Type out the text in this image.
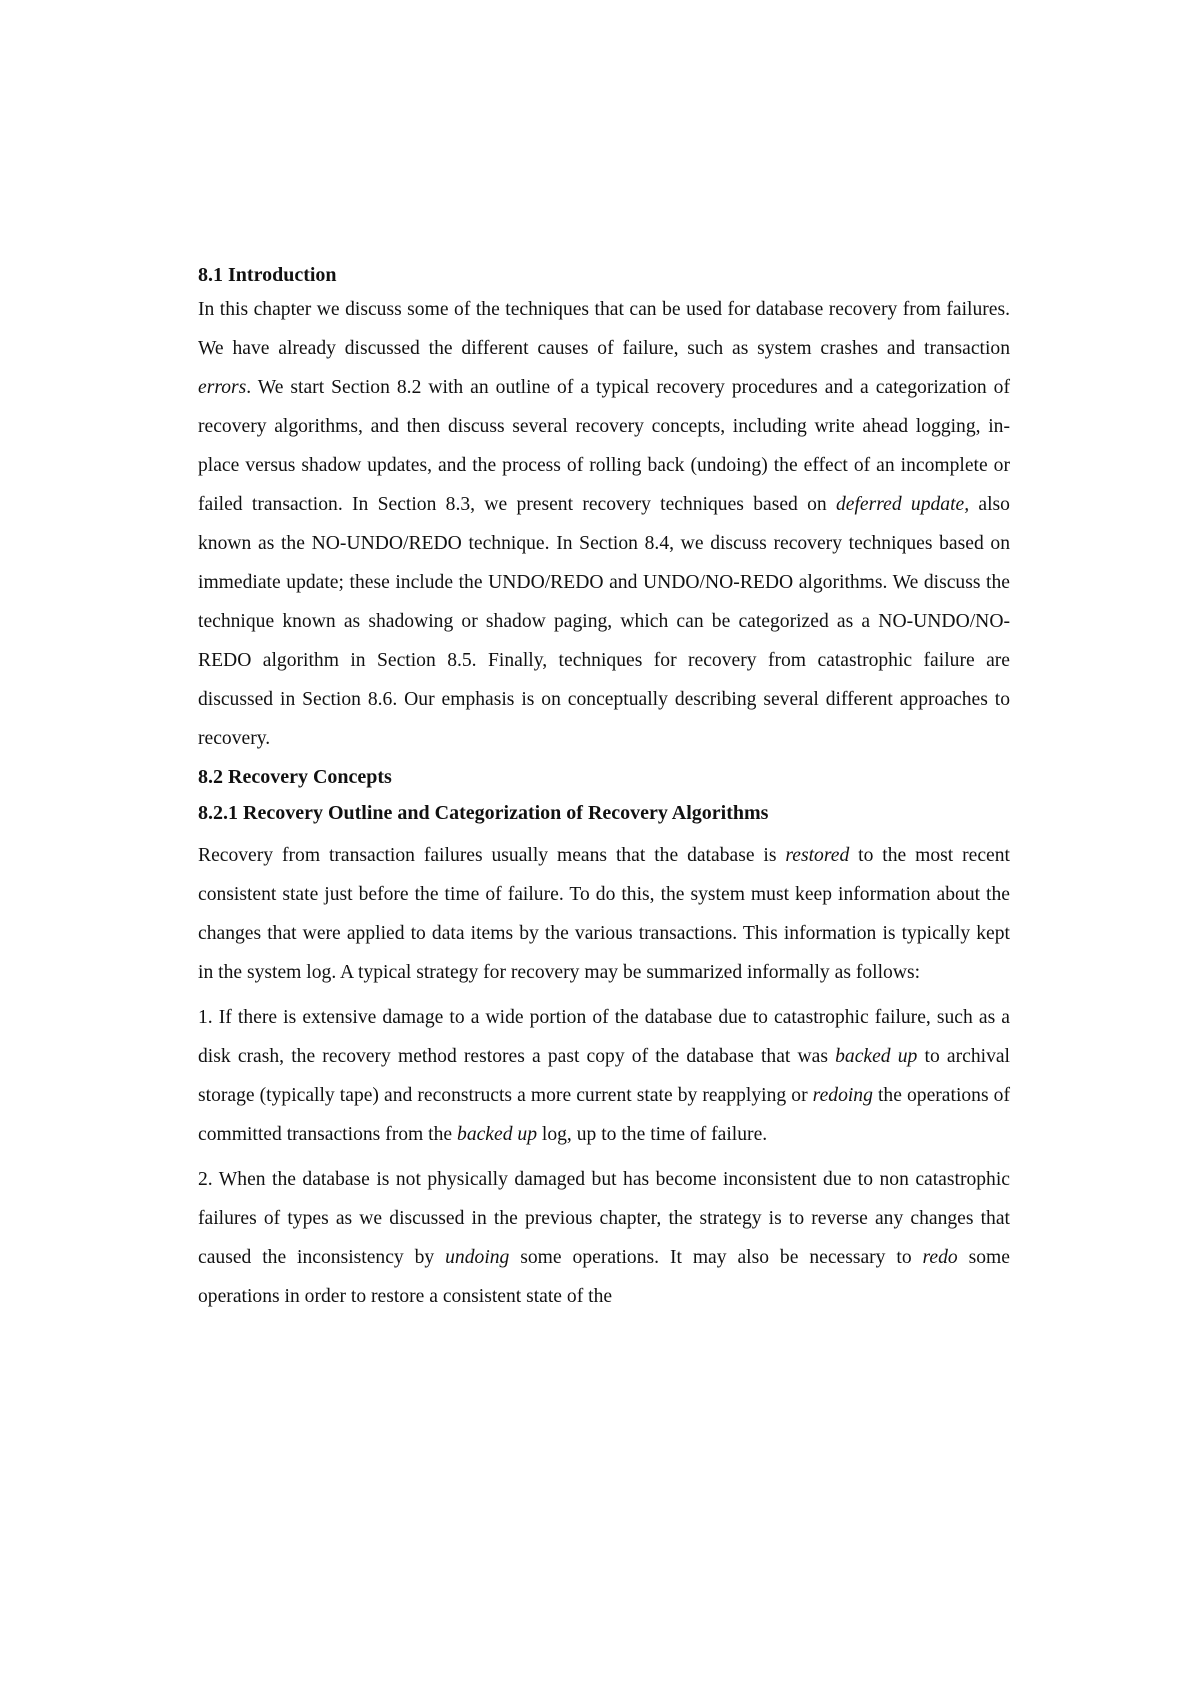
8.1 Introduction

In this chapter we discuss some of the techniques that can be used for database recovery from failures. We have already discussed the different causes of failure, such as system crashes and transaction errors. We start Section 8.2 with an outline of a typical recovery procedures and a categorization of recovery algorithms, and then discuss several recovery concepts, including write ahead logging, in-place versus shadow updates, and the process of rolling back (undoing) the effect of an incomplete or failed transaction. In Section 8.3, we present recovery techniques based on deferred update, also known as the NO-UNDO/REDO technique. In Section 8.4, we discuss recovery techniques based on immediate update; these include the UNDO/REDO and UNDO/NO-REDO algorithms. We discuss the technique known as shadowing or shadow paging, which can be categorized as a NO-UNDO/NO-REDO algorithm in Section 8.5. Finally, techniques for recovery from catastrophic failure are discussed in Section 8.6. Our emphasis is on conceptually describing several different approaches to recovery.

8.2 Recovery Concepts
8.2.1 Recovery Outline and Categorization of Recovery Algorithms

Recovery from transaction failures usually means that the database is restored to the most recent consistent state just before the time of failure. To do this, the system must keep information about the changes that were applied to data items by the various transactions. This information is typically kept in the system log. A typical strategy for recovery may be summarized informally as follows:

1. If there is extensive damage to a wide portion of the database due to catastrophic failure, such as a disk crash, the recovery method restores a past copy of the database that was backed up to archival storage (typically tape) and reconstructs a more current state by reapplying or redoing the operations of committed transactions from the backed up log, up to the time of failure.

2. When the database is not physically damaged but has become inconsistent due to non catastrophic failures of types as we discussed in the previous chapter, the strategy is to reverse any changes that caused the inconsistency by undoing some operations. It may also be necessary to redo some operations in order to restore a consistent state of the
